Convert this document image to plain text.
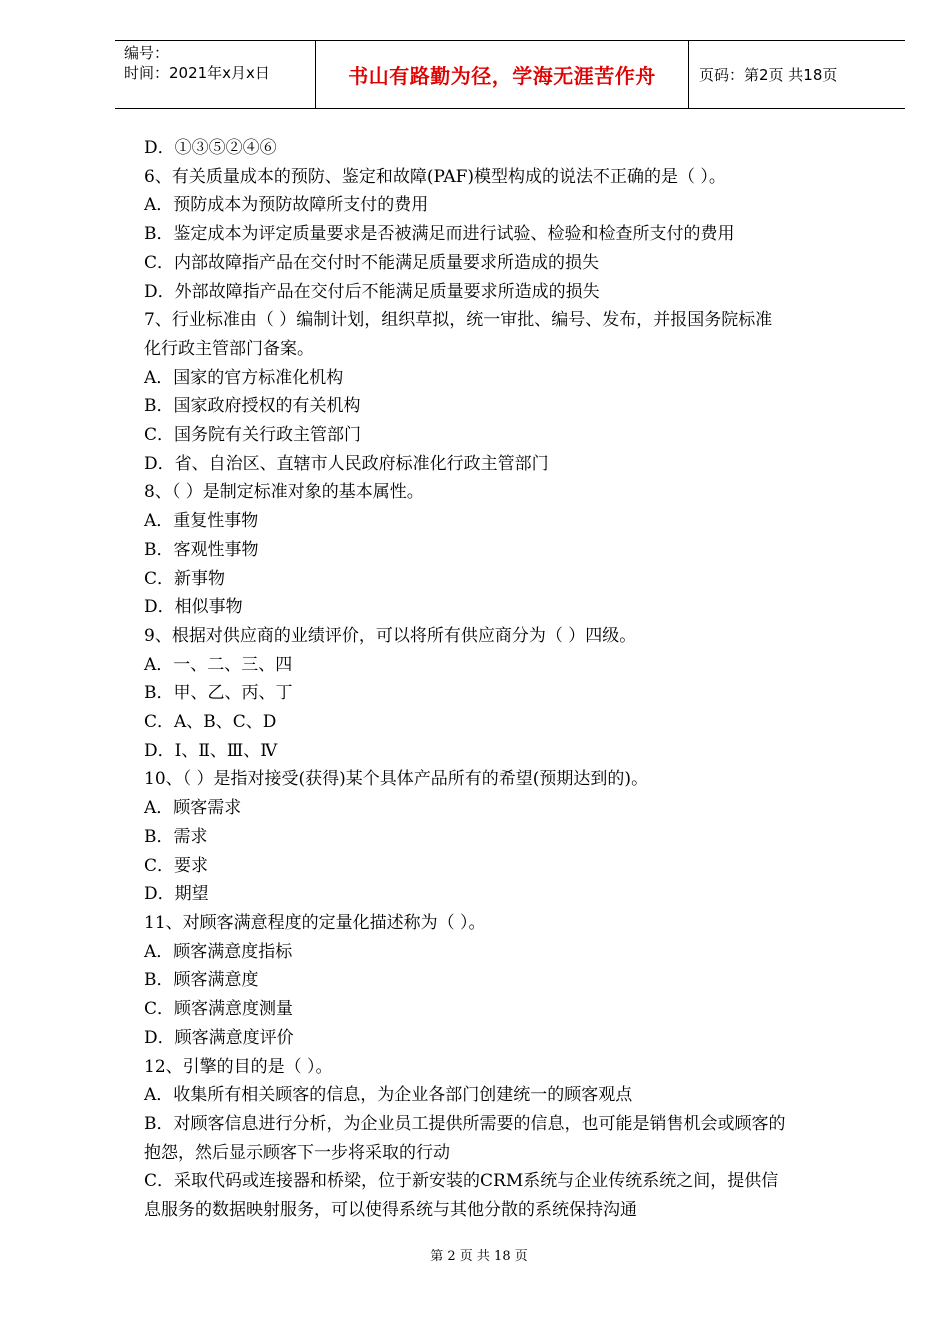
编号：
时间：2021年x月x日	书山有路勤为径，学海无涯苦作舟	页码：第2页 共18页
D．①③⑤②④⑥
6、有关质量成本的预防、鉴定和故障(PAF)模型构成的说法不正确的是（ ）。
A．预防成本为预防故障所支付的费用
B．鉴定成本为评定质量要求是否被满足而进行试验、检验和检查所支付的费用
C．内部故障指产品在交付时不能满足质量要求所造成的损失
D．外部故障指产品在交付后不能满足质量要求所造成的损失
7、行业标准由（ ）编制计划，组织草拟，统一审批、编号、发布，并报国务院标准
化行政主管部门备案。
A．国家的官方标准化机构
B．国家政府授权的有关机构
C．国务院有关行政主管部门
D．省、自治区、直辖市人民政府标准化行政主管部门
8、（ ）是制定标准对象的基本属性。
A．重复性事物
B．客观性事物
C．新事物
D．相似事物
9、根据对供应商的业绩评价，可以将所有供应商分为（ ）四级。
A．一、二、三、四
B．甲、乙、丙、丁
C．A、B、C、D
D．Ⅰ、Ⅱ、Ⅲ、Ⅳ
10、（ ）是指对接受(获得)某个具体产品所有的希望(预期达到的)。
A．顾客需求
B．需求
C．要求
D．期望
11、对顾客满意程度的定量化描述称为（ ）。
A．顾客满意度指标
B．顾客满意度
C．顾客满意度测量
D．顾客满意度评价
12、引擎的目的是（ ）。
A．收集所有相关顾客的信息，为企业各部门创建统一的顾客观点
B．对顾客信息进行分析，为企业员工提供所需要的信息，也可能是销售机会或顾客的
抱怨，然后显示顾客下一步将采取的行动
C．采取代码或连接器和桥梁，位于新安装的CRM系统与企业传统系统之间，提供信
息服务的数据映射服务，可以使得系统与其他分散的系统保持沟通
第 2 页 共 18 页
